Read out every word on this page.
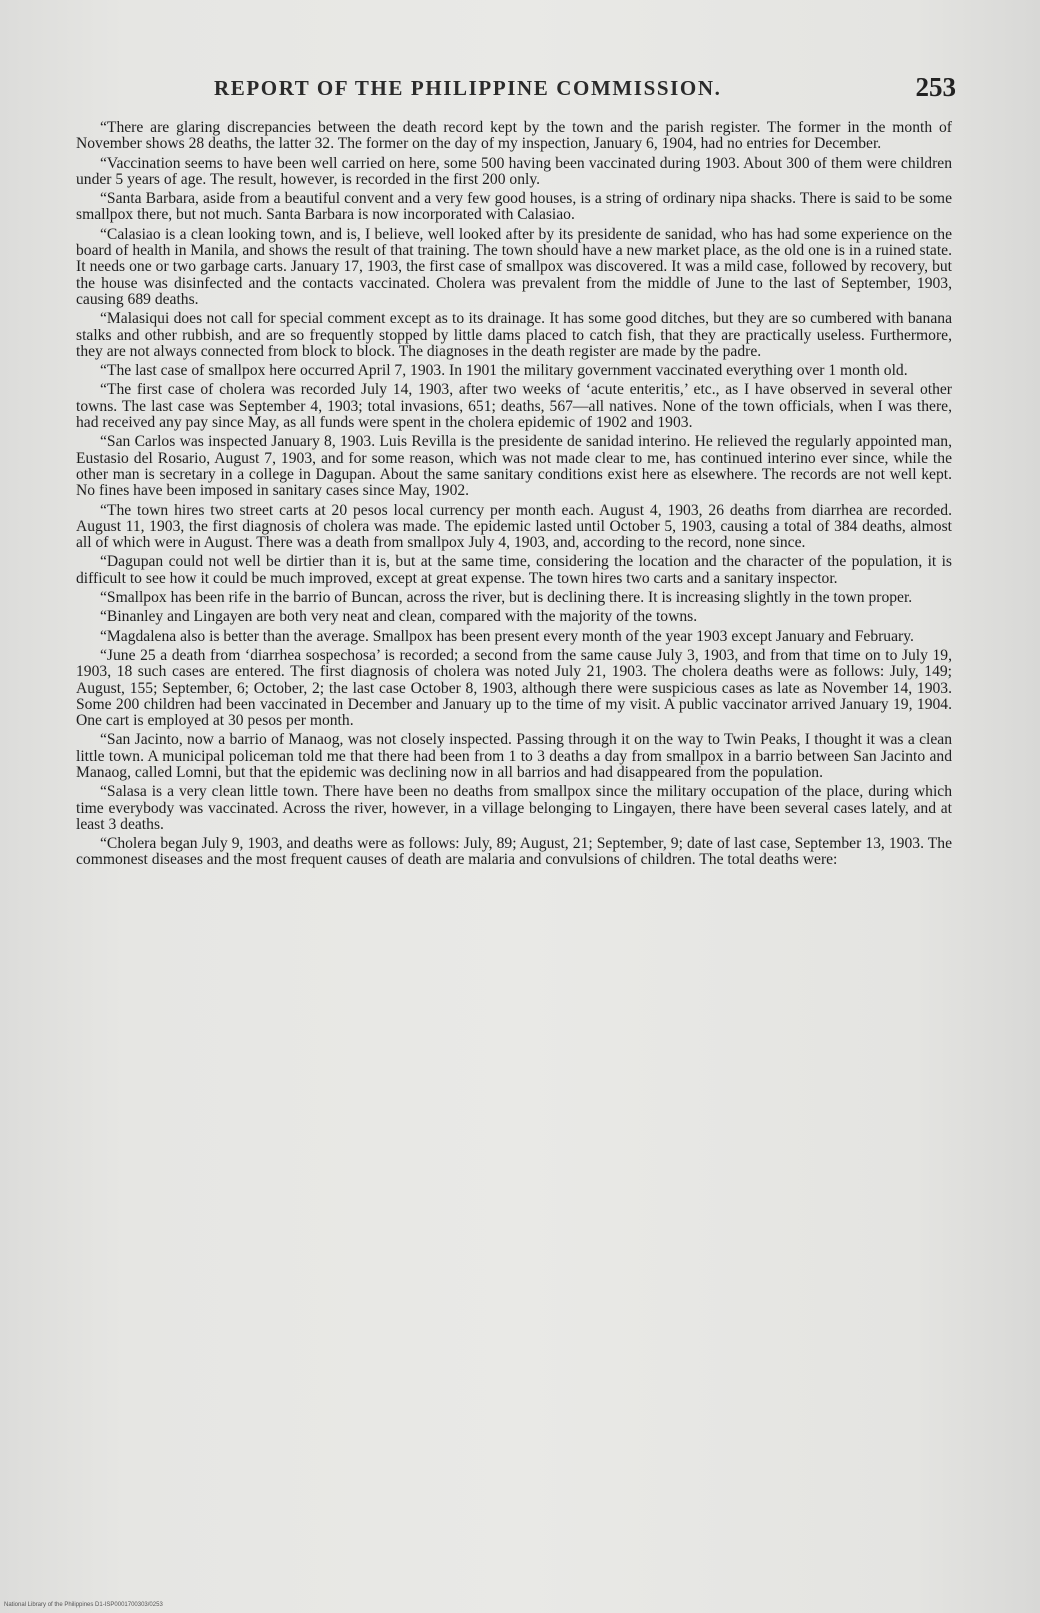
REPORT OF THE PHILIPPINE COMMISSION.	253

“There are glaring discrepancies between the death record kept by the town and the parish register. The former in the month of November shows 28 deaths, the latter 32. The former on the day of my inspection, January 6, 1904, had no entries for December.

“Vaccination seems to have been well carried on here, some 500 having been vaccinated during 1903. About 300 of them were children under 5 years of age. The result, however, is recorded in the first 200 only.

“Santa Barbara, aside from a beautiful convent and a very few good houses, is a string of ordinary nipa shacks. There is said to be some smallpox there, but not much. Santa Barbara is now incorporated with Calasiao.

“Calasiao is a clean looking town, and is, I believe, well looked after by its presidente de sanidad, who has had some experience on the board of health in Manila, and shows the result of that training. The town should have a new market place, as the old one is in a ruined state. It needs one or two garbage carts. January 17, 1903, the first case of smallpox was discovered. It was a mild case, followed by recovery, but the house was disinfected and the contacts vaccinated. Cholera was prevalent from the middle of June to the last of September, 1903, causing 689 deaths.

“Malasiqui does not call for special comment except as to its drainage. It has some good ditches, but they are so cumbered with banana stalks and other rubbish, and are so frequently stopped by little dams placed to catch fish, that they are practically useless. Furthermore, they are not always connected from block to block. The diagnoses in the death register are made by the padre.

“The last case of smallpox here occurred April 7, 1903. In 1901 the military government vaccinated everything over 1 month old.

“The first case of cholera was recorded July 14, 1903, after two weeks of ‘acute enteritis,’ etc., as I have observed in several other towns. The last case was September 4, 1903; total invasions, 651; deaths, 567—all natives. None of the town officials, when I was there, had received any pay since May, as all funds were spent in the cholera epidemic of 1902 and 1903.

“San Carlos was inspected January 8, 1903. Luis Revilla is the presidente de sanidad interino. He relieved the regularly appointed man, Eustasio del Rosario, August 7, 1903, and for some reason, which was not made clear to me, has continued interino ever since, while the other man is secretary in a college in Dagupan. About the same sanitary conditions exist here as elsewhere. The records are not well kept. No fines have been imposed in sanitary cases since May, 1902.

“The town hires two street carts at 20 pesos local currency per month each. August 4, 1903, 26 deaths from diarrhea are recorded. August 11, 1903, the first diagnosis of cholera was made. The epidemic lasted until October 5, 1903, causing a total of 384 deaths, almost all of which were in August. There was a death from smallpox July 4, 1903, and, according to the record, none since.

“Dagupan could not well be dirtier than it is, but at the same time, considering the location and the character of the population, it is difficult to see how it could be much improved, except at great expense. The town hires two carts and a sanitary inspector.

“Smallpox has been rife in the barrio of Buncan, across the river, but is declining there. It is increasing slightly in the town proper.

“Binanley and Lingayen are both very neat and clean, compared with the majority of the towns.

“Magdalena also is better than the average. Smallpox has been present every month of the year 1903 except January and February.

“June 25 a death from ‘diarrhea sospechosa’ is recorded; a second from the same cause July 3, 1903, and from that time on to July 19, 1903, 18 such cases are entered. The first diagnosis of cholera was noted July 21, 1903. The cholera deaths were as follows: July, 149; August, 155; September, 6; October, 2; the last case October 8, 1903, although there were suspicious cases as late as November 14, 1903. Some 200 children had been vaccinated in December and January up to the time of my visit. A public vaccinator arrived January 19, 1904. One cart is employed at 30 pesos per month.

“San Jacinto, now a barrio of Manaog, was not closely inspected. Passing through it on the way to Twin Peaks, I thought it was a clean little town. A municipal policeman told me that there had been from 1 to 3 deaths a day from smallpox in a barrio between San Jacinto and Manaog, called Lomni, but that the epidemic was declining now in all barrios and had disappeared from the population.

“Salasa is a very clean little town. There have been no deaths from smallpox since the military occupation of the place, during which time everybody was vaccinated. Across the river, however, in a village belonging to Lingayen, there have been several cases lately, and at least 3 deaths.

“Cholera began July 9, 1903, and deaths were as follows: July, 89; August, 21; September, 9; date of last case, September 13, 1903. The commonest diseases and the most frequent causes of death are malaria and convulsions of children. The total deaths were:

National Library of the Philippines D1-ISP0001700303/0253
